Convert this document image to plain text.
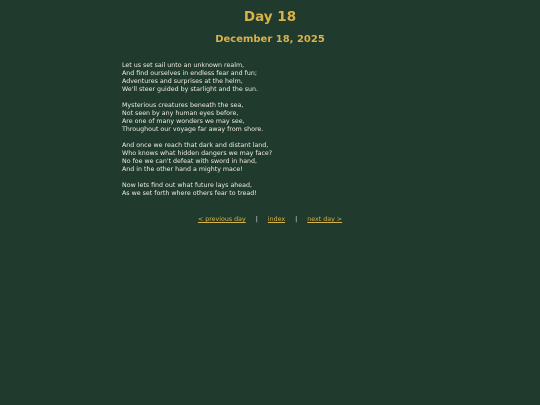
Day 18
December 18, 2025
Let us set sail unto an unknown realm,
And find ourselves in endless fear and fun;
Adventures and surprises at the helm,
We'll steer guided by starlight and the sun.
Mysterious creatures beneath the sea,
Not seen by any human eyes before,
Are one of many wonders we may see,
Throughout our voyage far away from shore.
And once we reach that dark and distant land,
Who knows what hidden dangers we may face?
No foe we can't defeat with sword in hand,
And in the other hand a mighty mace!
Now lets find out what future lays ahead,
As we set forth where others fear to tread!
< previous day | index | next day >
